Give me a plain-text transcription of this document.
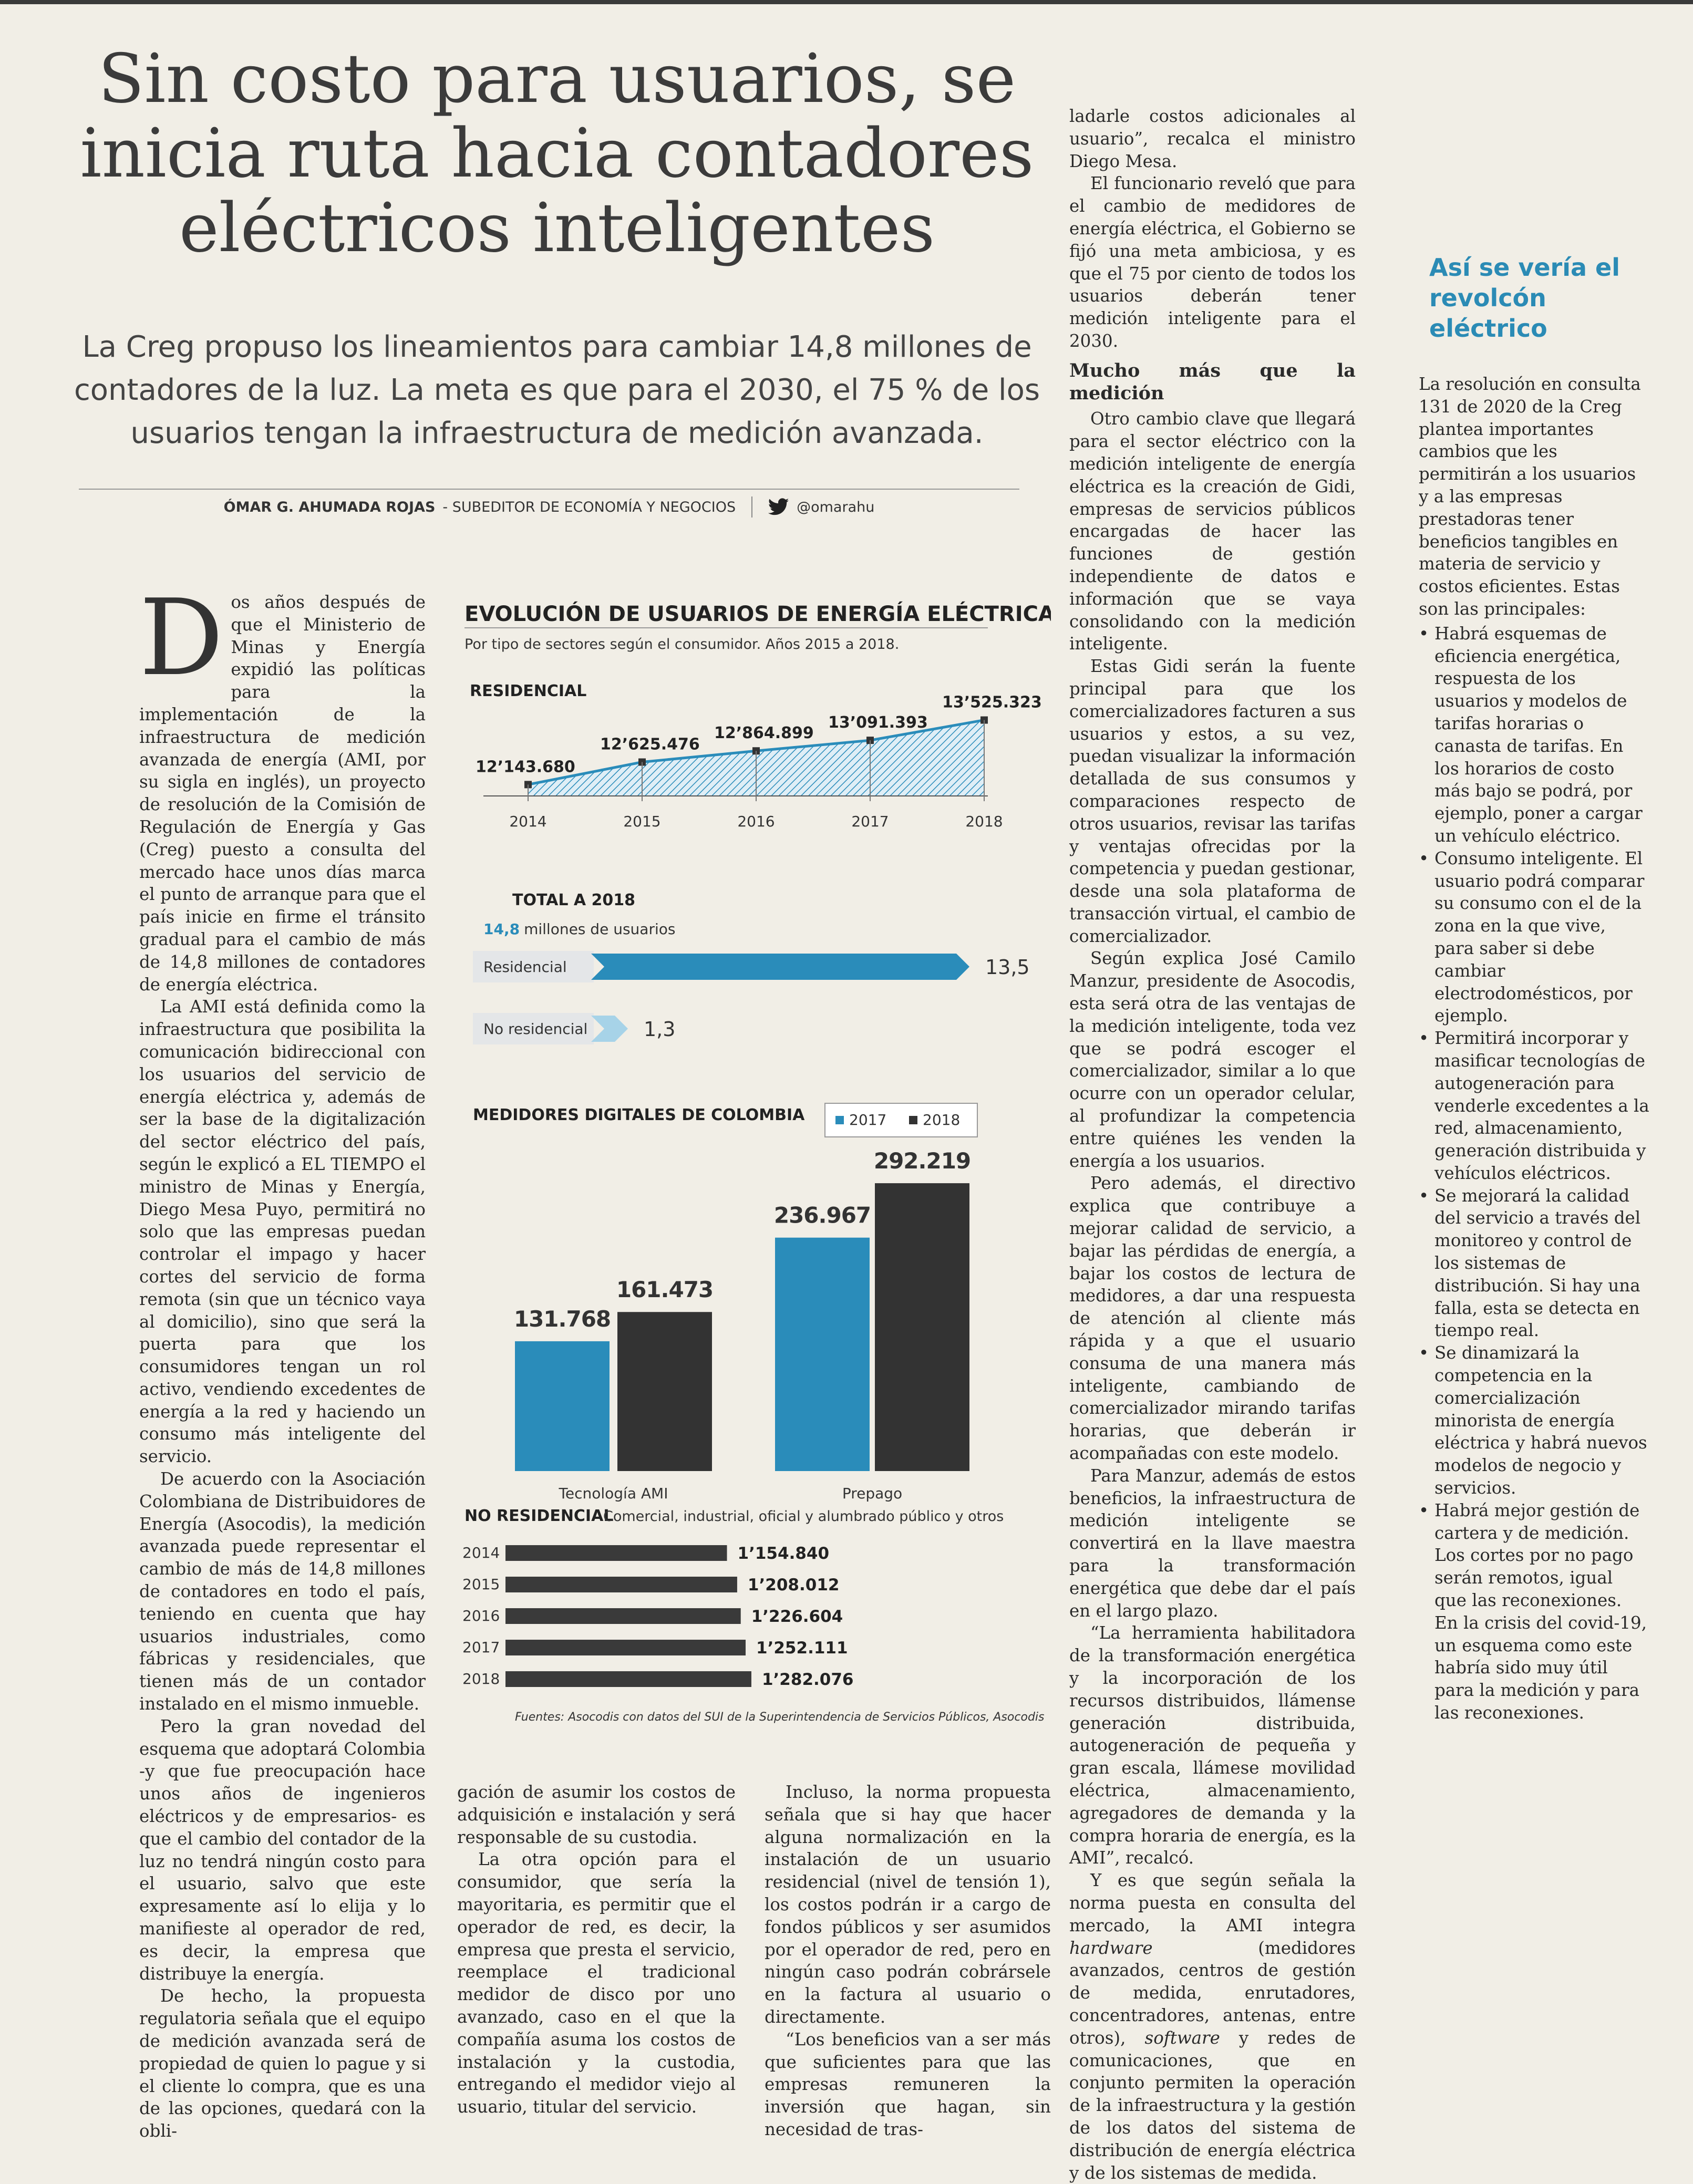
Sin costo para usuarios, se inicia ruta hacia contadores eléctricos inteligentes

La Creg propuso los lineamientos para cambiar 14,8 millones de contadores de la luz. La meta es que para el 2030, el 75 % de los usuarios tengan la infraestructura de medición avanzada.

ÓMAR G. AHUMADA ROJAS - SUBEDITOR DE ECONOMÍA Y NEGOCIOS	@omarahu

Dos años después de que el Ministerio de Minas y Energía expidió las políticas para la implementación de la infraestructura de medición avanzada de energía (AMI, por su sigla en inglés), un proyecto de resolución de la Comisión de Regulación de Energía y Gas (Creg) puesto a consulta del mercado hace unos días marca el punto de arranque para que el país inicie en firme el tránsito gradual para el cambio de más de 14,8 millones de contadores de energía eléctrica.

La AMI está definida como la infraestructura que posibilita la comunicación bidireccional con los usuarios del servicio de energía eléctrica y, además de ser la base de la digitalización del sector eléctrico del país, según le explicó a EL TIEMPO el ministro de Minas y Energía, Diego Mesa Puyo, permitirá no solo que las empresas puedan controlar el impago y hacer cortes del servicio de forma remota (sin que un técnico vaya al domicilio), sino que será la puerta para que los consumidores tengan un rol activo, vendiendo excedentes de energía a la red y haciendo un consumo más inteligente del servicio.

De acuerdo con la Asociación Colombiana de Distribuidores de Energía (Asocodis), la medición avanzada puede representar el cambio de más de 14,8 millones de contadores en todo el país, teniendo en cuenta que hay usuarios industriales, como fábricas y residenciales, que tienen más de un contador instalado en el mismo inmueble.

Pero la gran novedad del esquema que adoptará Colombia -y que fue preocupación hace unos años de ingenieros eléctricos y de empresarios- es que el cambio del contador de la luz no tendrá ningún costo para el usuario, salvo que este expresamente así lo elija y lo manifieste al operador de red, es decir, la empresa que distribuye la energía.

De hecho, la propuesta regulatoria señala que el equipo de medición avanzada será de propiedad de quien lo pague y si el cliente lo compra, que es una de las opciones, quedará con la obli-

gación de asumir los costos de adquisición e instalación y será responsable de su custodia.

La otra opción para el consumidor, que sería la mayoritaria, es permitir que el operador de red, es decir, la empresa que presta el servicio, reemplace el tradicional medidor de disco por uno avanzado, caso en el que la compañía asuma los costos de instalación y la custodia, entregando el medidor viejo al usuario, titular del servicio.

Incluso, la norma propuesta señala que si hay que hacer alguna normalización en la instalación de un usuario residencial (nivel de tensión 1), los costos podrán ir a cargo de fondos públicos y ser asumidos por el operador de red, pero en ningún caso podrán cobrársele en la factura al usuario o directamente.

“Los beneficios van a ser más que suficientes para que las empresas remuneren la inversión que hagan, sin necesidad de tras-

ladarle costos adicionales al usuario”, recalca el ministro Diego Mesa.

El funcionario reveló que para el cambio de medidores de energía eléctrica, el Gobierno se fijó una meta ambiciosa, y es que el 75 por ciento de todos los usuarios deberán tener medición inteligente para el 2030.

Mucho más que la medición

Otro cambio clave que llegará para el sector eléctrico con la medición inteligente de energía eléctrica es la creación de Gidi, empresas de servicios públicos encargadas de hacer las funciones de gestión independiente de datos e información que se vaya consolidando con la medición inteligente.

Estas Gidi serán la fuente principal para que los comercializadores facturen a sus usuarios y estos, a su vez, puedan visualizar la información detallada de sus consumos y comparaciones respecto de otros usuarios, revisar las tarifas y ventajas ofrecidas por la competencia y puedan gestionar, desde una sola plataforma de transacción virtual, el cambio de comercializador.

Según explica José Camilo Manzur, presidente de Asocodis, esta será otra de las ventajas de la medición inteligente, toda vez que se podrá escoger el comercializador, similar a lo que ocurre con un operador celular, al profundizar la competencia entre quiénes les venden la energía a los usuarios.

Pero además, el directivo explica que contribuye a mejorar calidad de servicio, a bajar las pérdidas de energía, a bajar los costos de lectura de medidores, a dar una respuesta de atención al cliente más rápida y a que el usuario consuma de una manera más inteligente, cambiando de comercializador mirando tarifas horarias, que deberán ir acompañadas con este modelo.

Para Manzur, además de estos beneficios, la infraestructura de medición inteligente se convertirá en la llave maestra para la transformación energética que debe dar el país en el largo plazo.

“La herramienta habilitadora de la transformación energética y la incorporación de los recursos distribuidos, llámense generación distribuida, autogeneración de pequeña y gran escala, llámese movilidad eléctrica, almacenamiento, agregadores de demanda y la compra horaria de energía, es la AMI”, recalcó.

Y es que según señala la norma puesta en consulta del mercado, la AMI integra hardware (medidores avanzados, centros de gestión de medida, enrutadores, concentradores, antenas, entre otros), software y redes de comunicaciones, que en conjunto permiten la operación de la infraestructura y la gestión de los datos del sistema de distribución de energía eléctrica y de los sistemas de medida.

Así se vería el revolcón eléctrico

La resolución en consulta 131 de 2020 de la Creg plantea importantes cambios que les permitirán a los usuarios y a las empresas prestadoras tener beneficios tangibles en materia de servicio y costos eficientes. Estas son las principales:

• Habrá esquemas de eficiencia energética, respuesta de los usuarios y modelos de tarifas horarias o canasta de tarifas. En los horarios de costo más bajo se podrá, por ejemplo, poner a cargar un vehículo eléctrico.
• Consumo inteligente. El usuario podrá comparar su consumo con el de la zona en la que vive, para saber si debe cambiar electrodomésticos, por ejemplo.
• Permitirá incorporar y masificar tecnologías de autogeneración para venderle excedentes a la red, almacenamiento, generación distribuida y vehículos eléctricos.
• Se mejorará la calidad del servicio a través del monitoreo y control de los sistemas de distribución. Si hay una falla, esta se detecta en tiempo real.
• Se dinamizará la competencia en la comercialización minorista de energía eléctrica y habrá nuevos modelos de negocio y servicios.
• Habrá mejor gestión de cartera y de medición. Los cortes por no pago serán remotos, igual que las reconexiones. En la crisis del covid-19, un esquema como este habría sido muy útil para la medición y para las reconexiones.
EVOLUCIÓN DE USUARIOS DE ENERGÍA ELÉCTRICA
Por tipo de sectores según el consumidor. Años 2015 a 2018.
RESIDENCIAL
12’143.680
2014
12’625.476
2015
12’864.899
2016
13’091.393
2017
13’525.323
2018
TOTAL A 2018
14,8 millones de usuarios
Residencial	13,5
No residencial	1,3
MEDIDORES DIGITALES DE COLOMBIA	2017 2018
131.768
161.473
Tecnología AMI
236.967
292.219
Prepago
NO RESIDENCIAL
Comercial, industrial, oficial y alumbrado público y otros
2014	1’154.840
2015	1’208.012
2016	1’226.604
2017	1’252.111
2018	1’282.076
Fuentes: Asocodis con datos del SUI de la Superintendencia de Servicios Públicos, Asocodis
